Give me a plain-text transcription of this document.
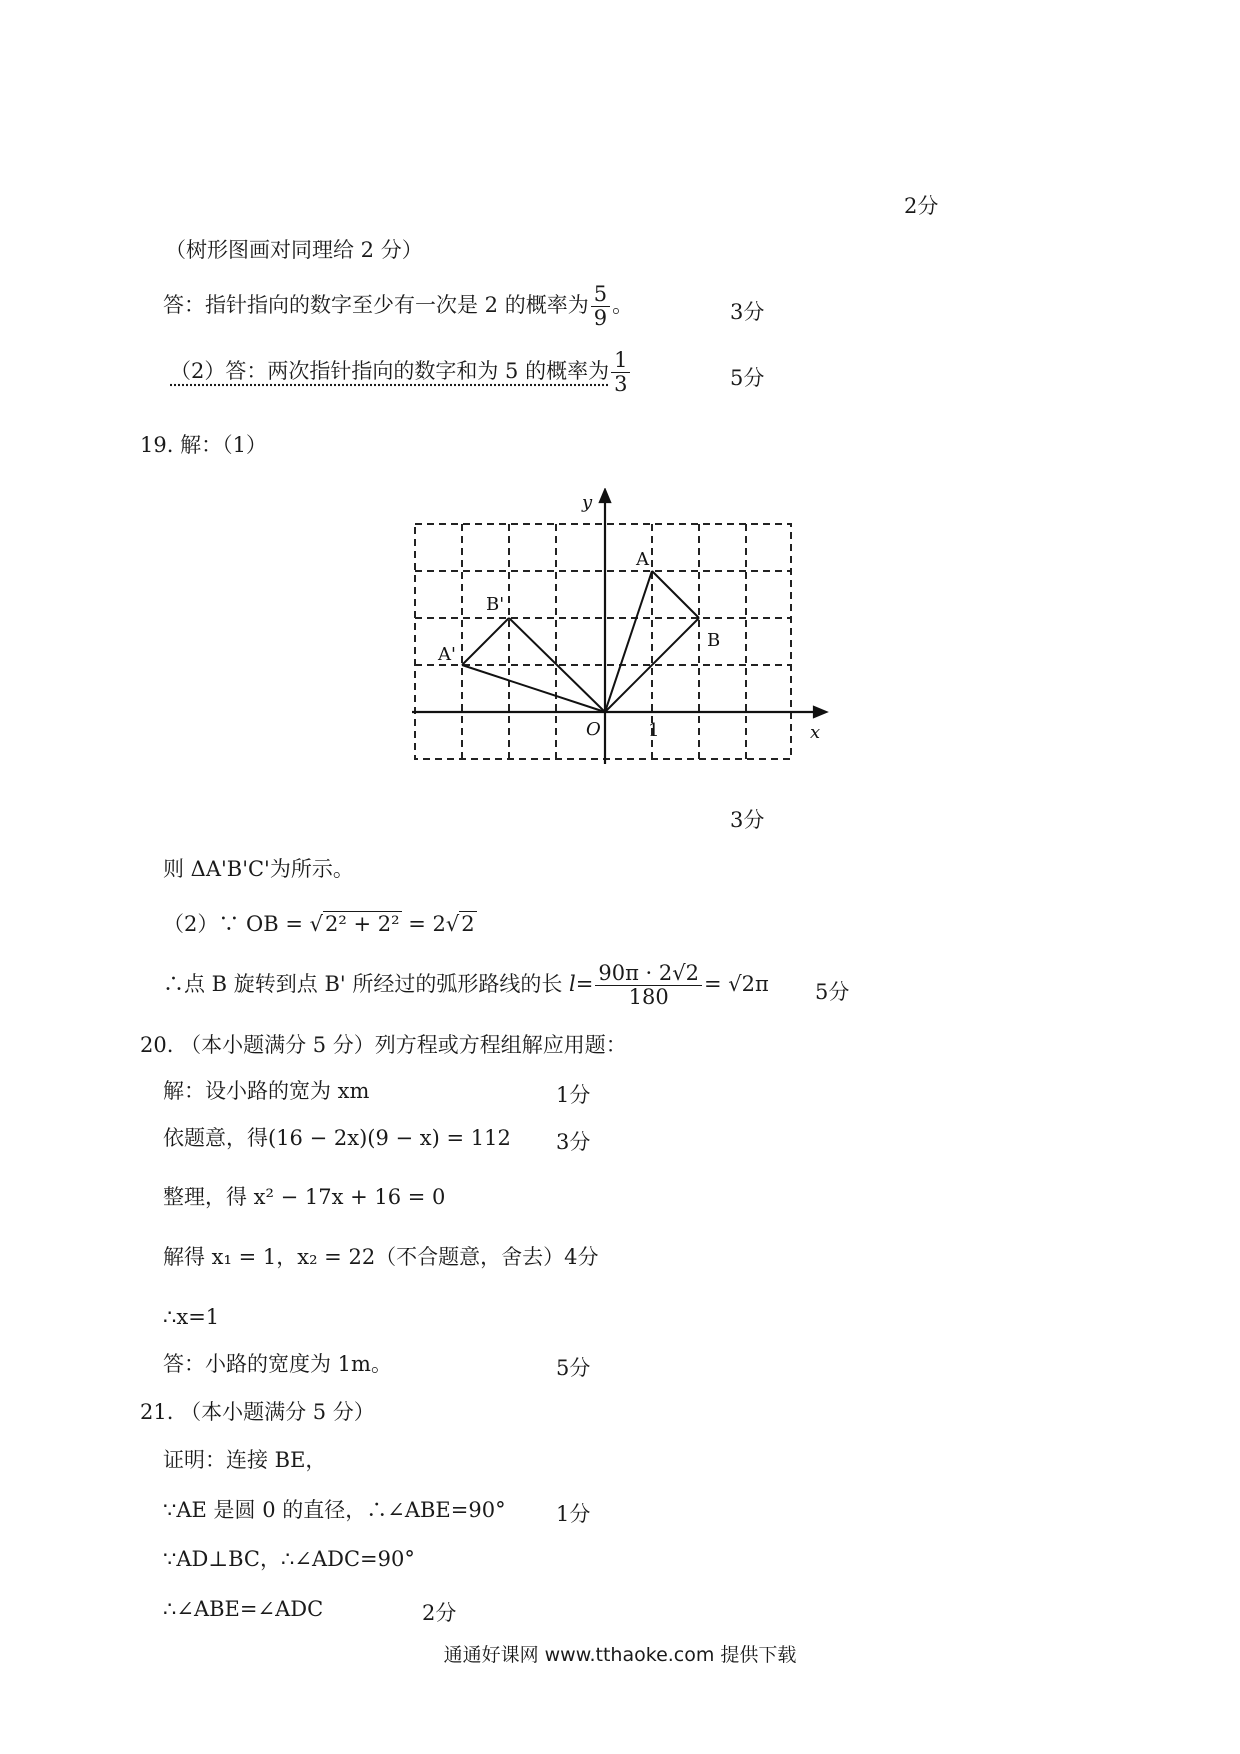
2分
（树形图画对同理给 2 分）
答：指针指向的数字至少有一次是 2 的概率为 $\frac{5}{9}$ 。	3分
（2）答：两次指针指向的数字和为 5 的概率为 $\frac{1}{3}$	5分
19. 解：（1）
y
x
O	1
A
B
A'
B'
3分
则 ΔA'B'C'为所示。
（2）∵ OB = √2² + 2² = 2√2
∴点 B 旋转到点 B' 所经过的弧形路线的长 $l= \frac{90\pi \cdot 2√2}{180} = √2\pi$ 5分
20. （本小题满分 5 分）列方程或方程组解应用题：
解：设小路的宽为 xm	1分
依题意，得(16 − 2x)(9 − x) = 112 3分
整理，得 x² − 17x + 16 = 0
解得 x₁ = 1，x₂ = 22（不合题意，舍去）4分
∴x=1
答：小路的宽度为 1m。	5分
21. （本小题满分 5 分）
证明：连接 BE，
∵AE 是圆 0 的直径，∴∠ABE=90° 1分
∵AD⊥BC，∴∠ADC=90°
∴∠ABE=∠ADC	2分
通通好课网 www.tthaoke.com 提供下载
